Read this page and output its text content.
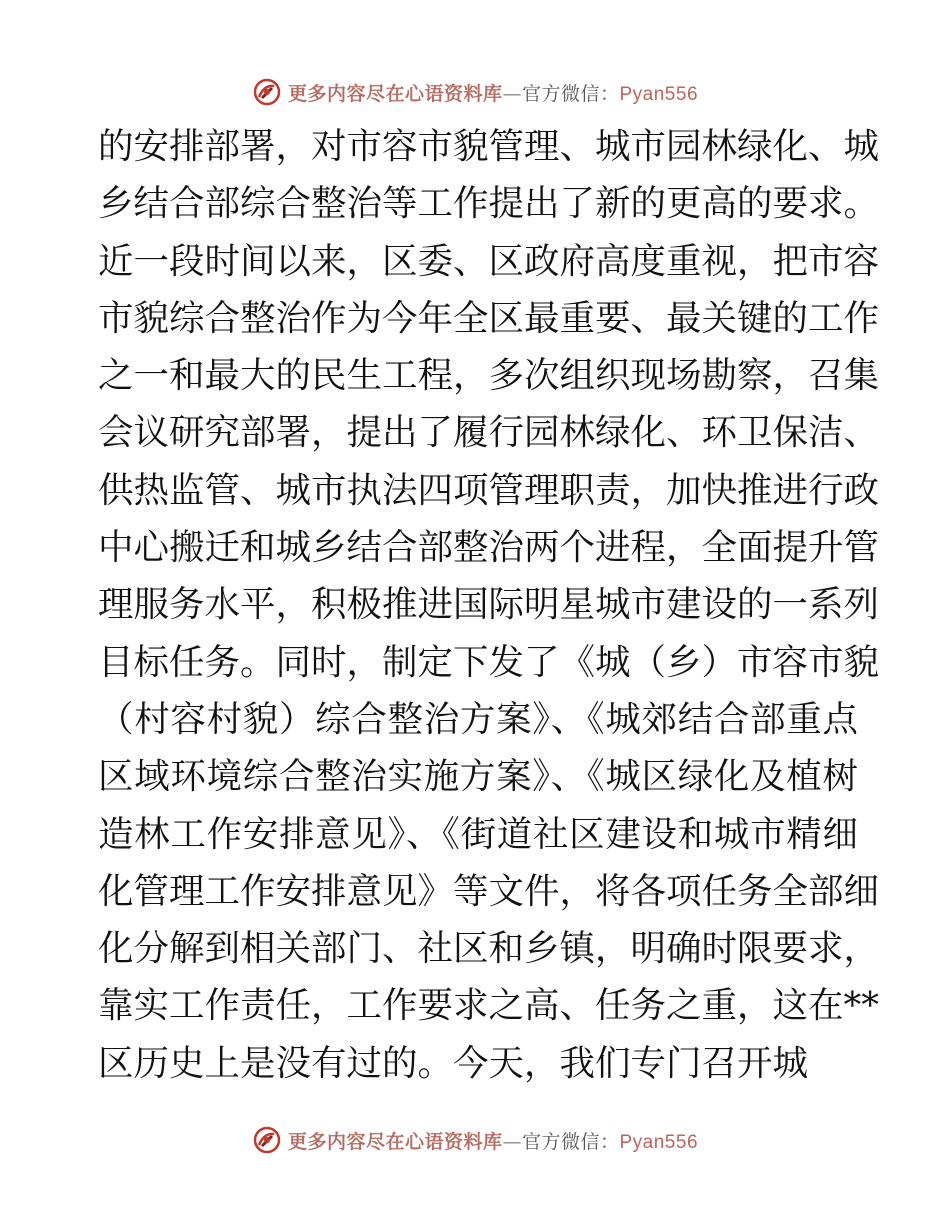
更多内容尽在心语资料库—官方微信：Pyan556
的安排部署，对市容市貌管理、城市园林绿化、城
乡结合部综合整治等工作提出了新的更高的要求。
近一段时间以来，区委、区政府高度重视，把市容
市貌综合整治作为今年全区最重要、最关键的工作
之一和最大的民生工程，多次组织现场勘察，召集
会议研究部署，提出了履行园林绿化、环卫保洁、
供热监管、城市执法四项管理职责，加快推进行政
中心搬迁和城乡结合部整治两个进程，全面提升管
理服务水平，积极推进国际明星城市建设的一系列
目标任务。同时，制定下发了《城（乡）市容市貌
（村容村貌）综合整治方案》、《城郊结合部重点
区域环境综合整治实施方案》、《城区绿化及植树
造林工作安排意见》、《街道社区建设和城市精细
化管理工作安排意见》等文件，将各项任务全部细
化分解到相关部门、社区和乡镇，明确时限要求，
靠实工作责任，工作要求之高、任务之重，这在**
区历史上是没有过的。今天，我们专门召开城
更多内容尽在心语资料库—官方微信：Pyan556
